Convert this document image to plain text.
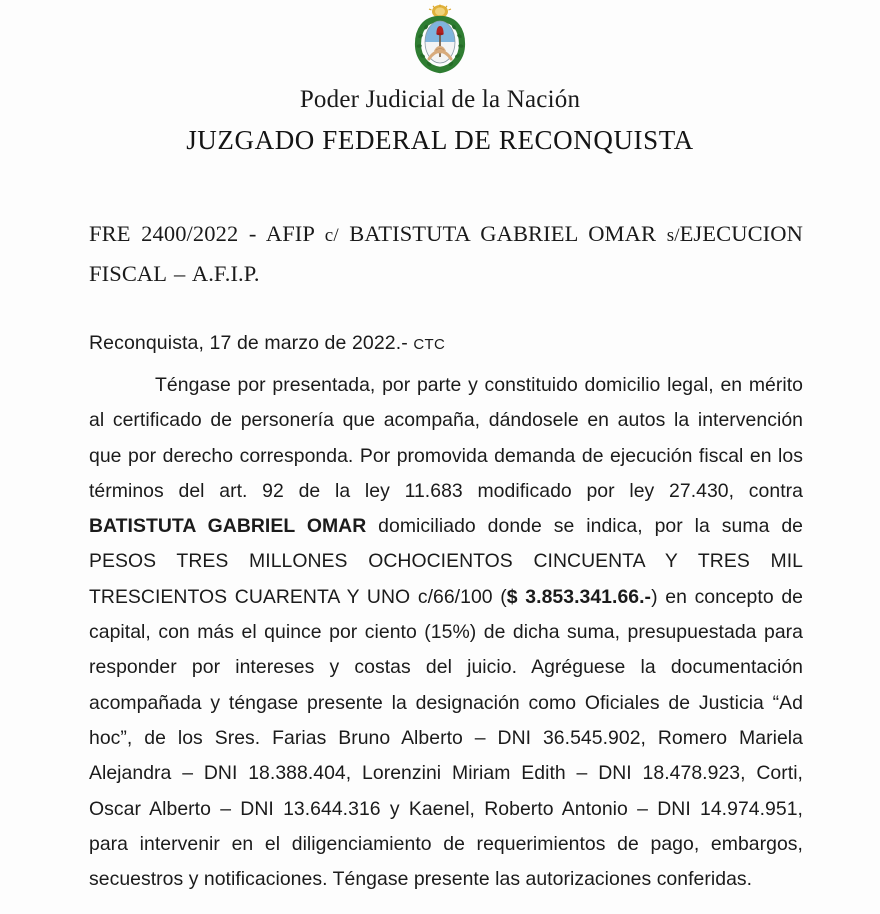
Poder Judicial de la Nación
JUZGADO FEDERAL DE RECONQUISTA
FRE 2400/2022 - AFIP c/ BATISTUTA GABRIEL OMAR s/EJECUCION FISCAL – A.F.I.P.
Reconquista, 17 de marzo de 2022.- CTC
Téngase por presentada, por parte y constituido domicilio legal, en mérito al certificado de personería que acompaña, dándosele en autos la intervención que por derecho corresponda. Por promovida demanda de ejecución fiscal en los términos del art. 92 de la ley 11.683 modificado por ley 27.430, contra BATISTUTA GABRIEL OMAR domiciliado donde se indica, por la suma de PESOS TRES MILLONES OCHOCIENTOS CINCUENTA Y TRES MIL TRESCIENTOS CUARENTA Y UNO c/66/100 ($ 3.853.341.66.-) en concepto de capital, con más el quince por ciento (15%) de dicha suma, presupuestada para responder por intereses y costas del juicio. Agréguese la documentación acompañada y téngase presente la designación como Oficiales de Justicia “Ad hoc”, de los Sres. Farias Bruno Alberto – DNI 36.545.902, Romero Mariela Alejandra – DNI 18.388.404, Lorenzini Miriam Edith – DNI 18.478.923, Corti, Oscar Alberto – DNI 13.644.316 y Kaenel, Roberto Antonio – DNI 14.974.951, para intervenir en el diligenciamiento de requerimientos de pago, embargos, secuestros y notificaciones. Téngase presente las autorizaciones conferidas.
